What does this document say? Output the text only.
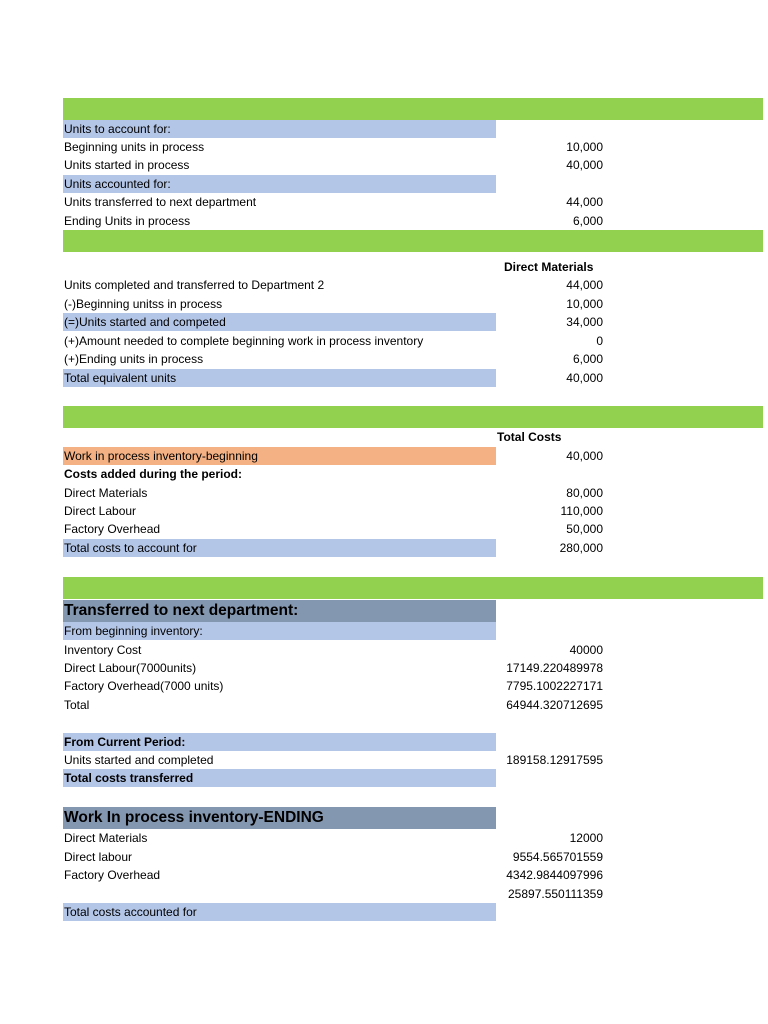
Units to account for:
Beginning units in process	10,000
Units started in process	40,000
Units accounted for:
Units transferred to next department	44,000
Ending Units in process	6,000
Direct Materials
Units completed and transferred to Department 2	44,000
(-)Beginning unitss in process	10,000
(=)Units started and competed	34,000
(+)Amount needed to complete beginning work in process inventory	0
(+)Ending units in process	6,000
Total equivalent units	40,000
Total Costs
Work in process inventory-beginning	40,000
Costs added during the period:
Direct Materials	80,000
Direct Labour	110,000
Factory Overhead	50,000
Total costs to account for	280,000
Transferred to next department:
From beginning inventory:
Inventory Cost	40000
Direct Labour(7000units)	17149.220489978
Factory Overhead(7000 units)	7795.1002227171
Total	64944.320712695
From Current Period:
Units started and completed	189158.12917595
Total costs transferred
Work In process inventory-ENDING
Direct Materials	12000
Direct labour	9554.565701559
Factory Overhead	4342.9844097996
25897.550111359
Total costs accounted for
